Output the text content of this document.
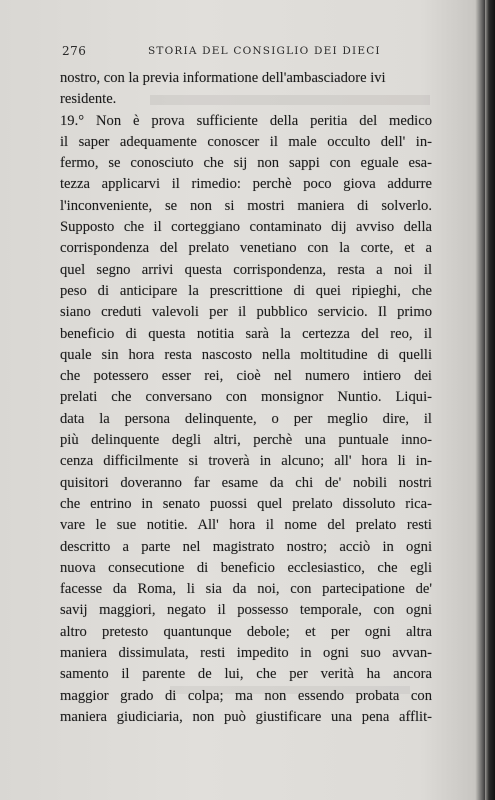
276	STORIA DEL CONSIGLIO DEI DIECI
nostro, con la previa informatione dell'ambasciadore ivi
residente.
19.° Non è prova sufficiente della peritia del medico
il saper adequamente conoscer il male occulto dell' in-
fermo, se conosciuto che sij non sappi con eguale esa-
tezza applicarvi il rimedio: perchè poco giova addurre
l'inconveniente, se non si mostri maniera di solverlo.
Supposto che il corteggiano contaminato dij avviso della
corrispondenza del prelato venetiano con la corte, et a
quel segno arrivi questa corrispondenza, resta a noi il
peso di anticipare la prescrittione di quei ripieghi, che
siano creduti valevoli per il pubblico servicio. Il primo
beneficio di questa notitia sarà la certezza del reo, il
quale sin hora resta nascosto nella moltitudine di quelli
che potessero esser rei, cioè nel numero intiero dei
prelati che conversano con monsignor Nuntio. Liqui-
data la persona delinquente, o per meglio dire, il
più delinquente degli altri, perchè una puntuale inno-
cenza difficilmente si troverà in alcuno; all' hora li in-
quisitori doveranno far esame da chi de' nobili nostri
che entrino in senato puossi quel prelato dissoluto rica-
vare le sue notitie. All' hora il nome del prelato resti
descritto a parte nel magistrato nostro; acciò in ogni
nuova consecutione di beneficio ecclesiastico, che egli
facesse da Roma, li sia da noi, con partecipatione de'
savij maggiori, negato il possesso temporale, con ogni
altro pretesto quantunque debole; et per ogni altra
maniera dissimulata, resti impedito in ogni suo avvan-
samento il parente de lui, che per verità ha ancora
maggior grado di colpa; ma non essendo probata con
maniera giudiciaria, non può giustificare una pena afflit-
